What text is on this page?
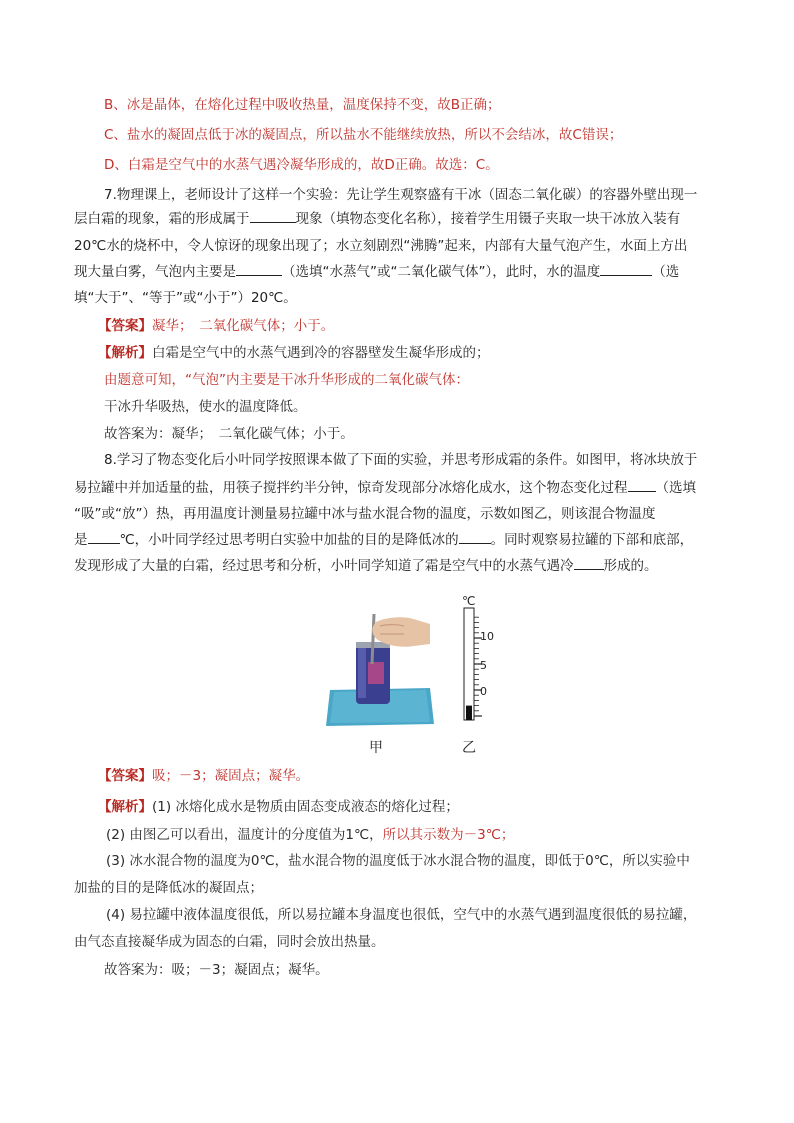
B、冰是晶体，在熔化过程中吸收热量，温度保持不变，故B正确；
C、盐水的凝固点低于冰的凝固点，所以盐水不能继续放热，所以不会结冰，故C错误；
D、白霜是空气中的水蒸气遇冷凝华形成的，故D正确。故选：C。
7.物理课上，老师设计了这样一个实验：先让学生观察盛有干冰（固态二氧化碳）的容器外壁出现一
层白霜的现象，霜的形成属于	现象（填物态变化名称），接着学生用镊子夹取一块干冰放入装有
20℃水的烧杯中，令人惊讶的现象出现了；水立刻剧烈“沸腾”起来，内部有大量气泡产生，水面上方出
现大量白雾，气泡内主要是	（选填“水蒸气”或“二氧化碳气体”），此时，水的温度	（选
填“大于”、“等于”或“小于”）20℃。
【答案】凝华；　二氧化碳气体；小于。
【解析】白霜是空气中的水蒸气遇到冷的容器壁发生凝华形成的；
由题意可知，“气泡”内主要是干冰升华形成的二氧化碳气体：
干冰升华吸热，使水的温度降低。
故答案为：凝华；　二氧化碳气体；小于。
8.学习了物态变化后小叶同学按照课本做了下面的实验，并思考形成霜的条件。如图甲，将冰块放于
易拉罐中并加适量的盐，用筷子搅拌约半分钟，惊奇发现部分冰熔化成水，这个物态变化过程 （选填
“吸”或“放”）热，再用温度计测量易拉罐中冰与盐水混合物的温度，示数如图乙，则该混合物温度
是 ℃，小叶同学经过思考明白实验中加盐的目的是降低冰的 。同时观察易拉罐的下部和底部，
发现形成了大量的白霜，经过思考和分析，小叶同学知道了霜是空气中的水蒸气遇冷 形成的。
甲
℃
10
5
0
乙
【答案】吸；－3；凝固点；凝华。
【解析】(1) 冰熔化成水是物质由固态变成液态的熔化过程；
(2) 由图乙可以看出，温度计的分度值为1℃，所以其示数为－3℃；
(3) 冰水混合物的温度为0℃，盐水混合物的温度低于冰水混合物的温度，即低于0℃，所以实验中
加盐的目的是降低冰的凝固点；
(4) 易拉罐中液体温度很低，所以易拉罐本身温度也很低，空气中的水蒸气遇到温度很低的易拉罐，
由气态直接凝华成为固态的白霜，同时会放出热量。
故答案为：吸；－3；凝固点；凝华。
